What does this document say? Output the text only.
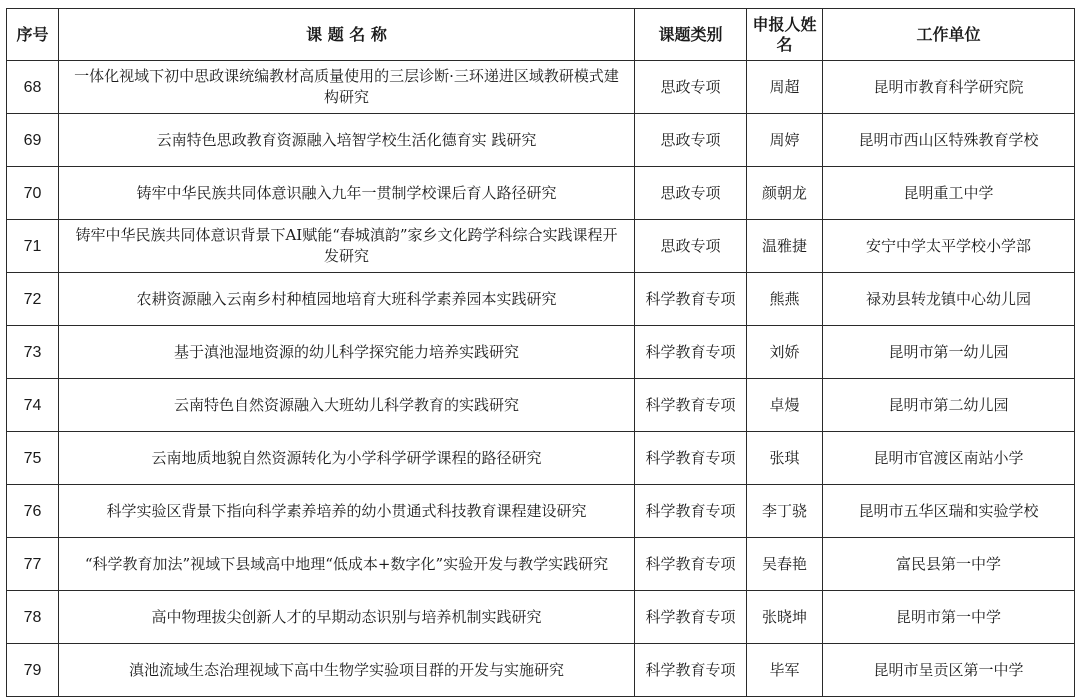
序号	课 题 名 称	课题类别	申报人姓名	工作单位
68	一体化视域下初中思政课统编教材高质量使用的三层诊断·三环递进区域教研模式建构研究	思政专项	周超	昆明市教育科学研究院
69	云南特色思政教育资源融入培智学校生活化德育实 践研究	思政专项	周婷	昆明市西山区特殊教育学校
70	铸牢中华民族共同体意识融入九年一贯制学校课后育人路径研究	思政专项	颜朝龙	昆明重工中学
71	铸牢中华民族共同体意识背景下AI赋能“春城滇韵”家乡文化跨学科综合实践课程开发研究	思政专项	温雅捷	安宁中学太平学校小学部
72	农耕资源融入云南乡村种植园地培育大班科学素养园本实践研究	科学教育专项	熊燕	禄劝县转龙镇中心幼儿园
73	基于滇池湿地资源的幼儿科学探究能力培养实践研究	科学教育专项	刘娇	昆明市第一幼儿园
74	云南特色自然资源融入大班幼儿科学教育的实践研究	科学教育专项	卓熳	昆明市第二幼儿园
75	云南地质地貌自然资源转化为小学科学研学课程的路径研究	科学教育专项	张琪	昆明市官渡区南站小学
76	科学实验区背景下指向科学素养培养的幼小贯通式科技教育课程建设研究	科学教育专项	李丁骁	昆明市五华区瑞和实验学校
77	“科学教育加法”视域下县域高中地理“低成本+数字化”实验开发与教学实践研究	科学教育专项	吴春艳	富民县第一中学
78	高中物理拔尖创新人才的早期动态识别与培养机制实践研究	科学教育专项	张晓坤	昆明市第一中学
79	滇池流域生态治理视域下高中生物学实验项目群的开发与实施研究	科学教育专项	毕军	昆明市呈贡区第一中学
